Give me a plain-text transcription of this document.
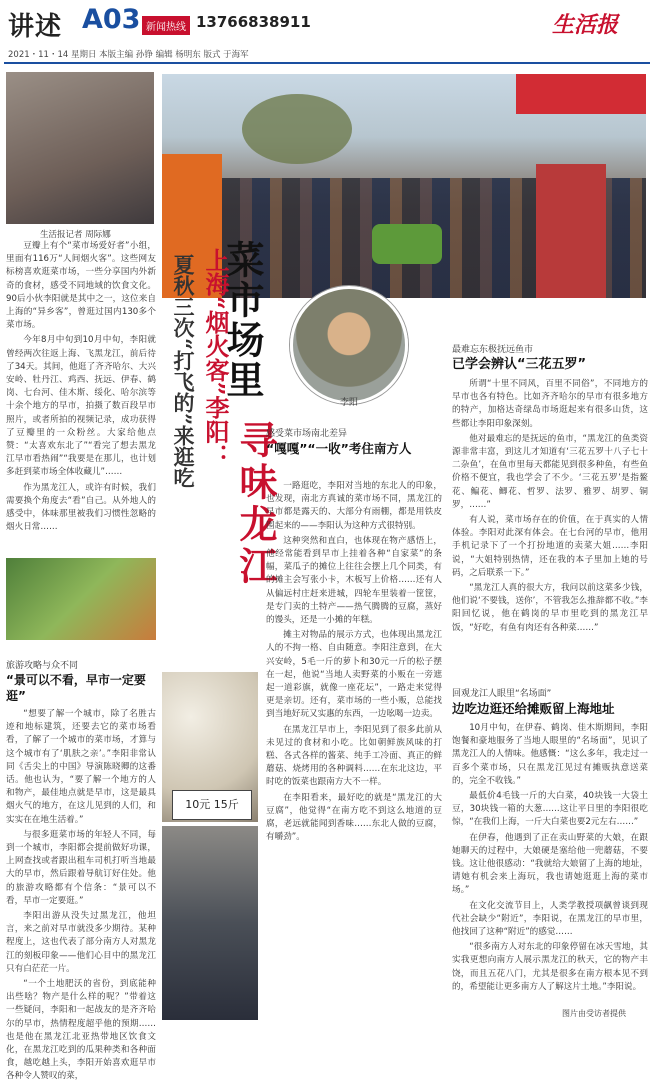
讲述 A03 新闻热线 13766838911	生活报
2021・11・14 星期日 本版主编 孙铮 编辑 杨明东 版式 于海军
菜市场里
寻味龙江
上海“烟火客”李阳：
夏秋三次“打飞的”来逛吃	李阳
生活报记者 周际娜

豆瓣上有个“菜市场爱好者”小组，里面有116万“人间烟火客”。这些网友标榜喜欢逛菜市场，一些分享国内外新奇的食材，感受不同地域的饮食文化。90后小伙李阳就是其中之一，这位来自上海的“异乡客”，曾逛过国内130多个菜市场。

今年8月中旬到10月中旬，李阳就曾经两次往返上海、飞黑龙江，前后待了34天。其间，他逛了齐齐哈尔、大兴安岭、牡丹江、鸡西、抚远、伊春、鹤岗、七台河、佳木斯、绥化、哈尔滨等十余个地方的早市，拍摄了数百段早市照片，或者所拍的视频记录，成功获得了豆瓣里的一众粉丝。大家给他点赞：“太喜欢东北了”“看完了想去黑龙江早市看热闹”“我要是在那儿，也计划多赶到菜市场全体收藏儿”……

作为黑龙江人，或许有时候，我们需要换个角度去“看”自己。从外地人的感受中，体味那里被我们习惯性忽略的烟火日常……

旅游攻略与众不同
“景可以不看，早市一定要逛”

“想要了解一个城市，除了名胜古迹和地标建筑，还要去它的菜市场看看，了解了一个城市的菜市场，才算与这个城市有了‘肌肤之亲’。”李阳非常认同《舌尖上的中国》导演陈晓卿的这番话。他也认为，“要了解一个地方的人和物产，最佳地点就是早市，这是最具烟火气的地方，在这儿见到的人们，和实实在在地生活着。”

与很多逛菜市场的年轻人不同，每到一个城市，李阳都会提前做好功课，上网查找或者跟出租车司机打听当地最大的早市，然后跟着导航订好住处。他的旅游攻略都有个信条：“景可以不看，早市一定要逛。”

李阳出游从没失过黑龙江，他坦言，来之前对早市就没多少期待。某种程度上，这也代表了部分南方人对黑龙江的刻板印象——他们心目中的黑龙江只有白茫茫一片。

“一个土地肥沃的省份，到底能种出些啥？物产是什么样的呢？”带着这一些疑问，李阳和一起战友的是齐齐哈尔的早市，热情程度超乎他的预期……也是他在黑龙江北亚热带地区饮食文化，在黑龙江吃到的瓜果种类和各种面食，越吃越上头，李阳开始喜欢逛早市各种令人赞叹的菜，

10元 15斤
感受菜市场南北差异
“嘎嘎”“一收”考住南方人

一路逛吃，李阳对当地的东北人的印象，也发现，南北方真诚的菜市场不同，黑龙江的早市都是露天的、大部分有雨棚，都是用铁皮围起来的——李阳认为这种方式很特别。

这种突然和直白，也体现在物产感悟上，他经常能看到早市上挂着各种“自家菜”的条幅，菜瓜子的摊位上往往会摆上几个同类，有的摊主会写张小卡，木板写上价格……还有人从偏远村庄赶来进城，四轮车里装着一筐筐，是专门卖的土特产——热气腾腾的豆腐，蒸好的馒头，还是一小摊的年糕。

摊主对物品的展示方式，也体现出黑龙江人的不拘一格、自由随意。李阳注意到，在大兴安岭，5毛一斤的萝卜和30元一斤的松子摆在一起，他说“当地人卖野菜的小贩在一旁遮起一道彩旗，就像一座花坛”，一路走来觉得更是亲切。还有，菜市场的一些小贩，总能找到当地好玩又实惠的东西，一边吆喝一边卖。

在黑龙江早市上，李阳见到了很多此前从未见过的食材和小吃。比如朝鲜族风味的打糕、各式各样的酱菜、纯手工冷面、真正的鲜蘑菇、烧烤用的各种调料……在东北这边，平时吃的饭菜也跟南方大不一样。

在李阳看来，最好吃的就是“黑龙江的大豆腐”，他觉得“在南方吃不到这么地道的豆腐，老远就能闻到香味……东北人做的豆腐，有嚼劲”。

最难忘东极抚远鱼市
已学会辨认“三花五罗”

所谓“十里不同风，百里不同俗”，不同地方的早市也各有特色。比如齐齐哈尔的早市有很多地方的特产，加格达奇绿岛市场逛起来有很多山货，这些都让李阳印象深刻。

他对最难忘的是抚远的鱼市，“黑龙江的鱼类资源非常丰富，到这儿才知道有‘三花五罗十八子七十二杂鱼’，在鱼市里每天都能见到很多种鱼，有些鱼价格不便宜，我也学会了不少。‘三花五罗’是指鳌花、鳊花、鲫花、哲罗、法罗、雅罗、胡罗、铜罗，……”

有人说，菜市场存在的价值，在于真实的人情体验。李阳对此深有体会。在七台河的早市，他用手机记录下了一个打扮地道的卖菜大姐……李阳说，“大姐特别热情，还在我的本子里加上她的号码，之后联系一下。”

“黑龙江人真的很大方，我问以前这菜多少钱，他们说‘不要钱，送你’，不管我怎么推辞都不收。”李阳回忆说，他在鹤岗的早市里吃到的黑龙江早饭，“好吃，有鱼有肉还有各种菜……”

回观龙江人眼里“名场面”
边吃边逛还给摊贩留上海地址

10月中旬，在伊春、鹤岗、佳木斯期间，李阳饱餐和豪地服务了当地人眼里的“名场面”，见识了黑龙江人的人情味。他感慨：“这么多年，我走过一百多个菜市场，只在黑龙江见过有摊贩执意送菜的，完全不收钱。”

最低价4毛钱一斤的大白菜，40块钱一大袋土豆，30块钱一箱的大葱……这让平日里的李阳很吃惊，“在我们上海，一斤大白菜也要2元左右……”

在伊春，他遇到了正在卖山野菜的大娘，在跟她聊天的过程中，大娘硬是塞给他一兜蘑菇，不要钱。这让他很感动：“我就给大娘留了上海的地址，请她有机会来上海玩，我也请她逛逛上海的菜市场。”

在文化交流节目上，人类学教授项飙曾谈到现代社会缺少“附近”，李阳说，在黑龙江的早市里，他找回了这种“附近”的感觉……

“很多南方人对东北的印象停留在冰天雪地，其实我更想向南方人展示黑龙江的秋天，它的物产丰饶，而且五花八门，尤其是很多在南方根本见不到的，希望能让更多南方人了解这片土地。”李阳说。

图片由受访者提供
